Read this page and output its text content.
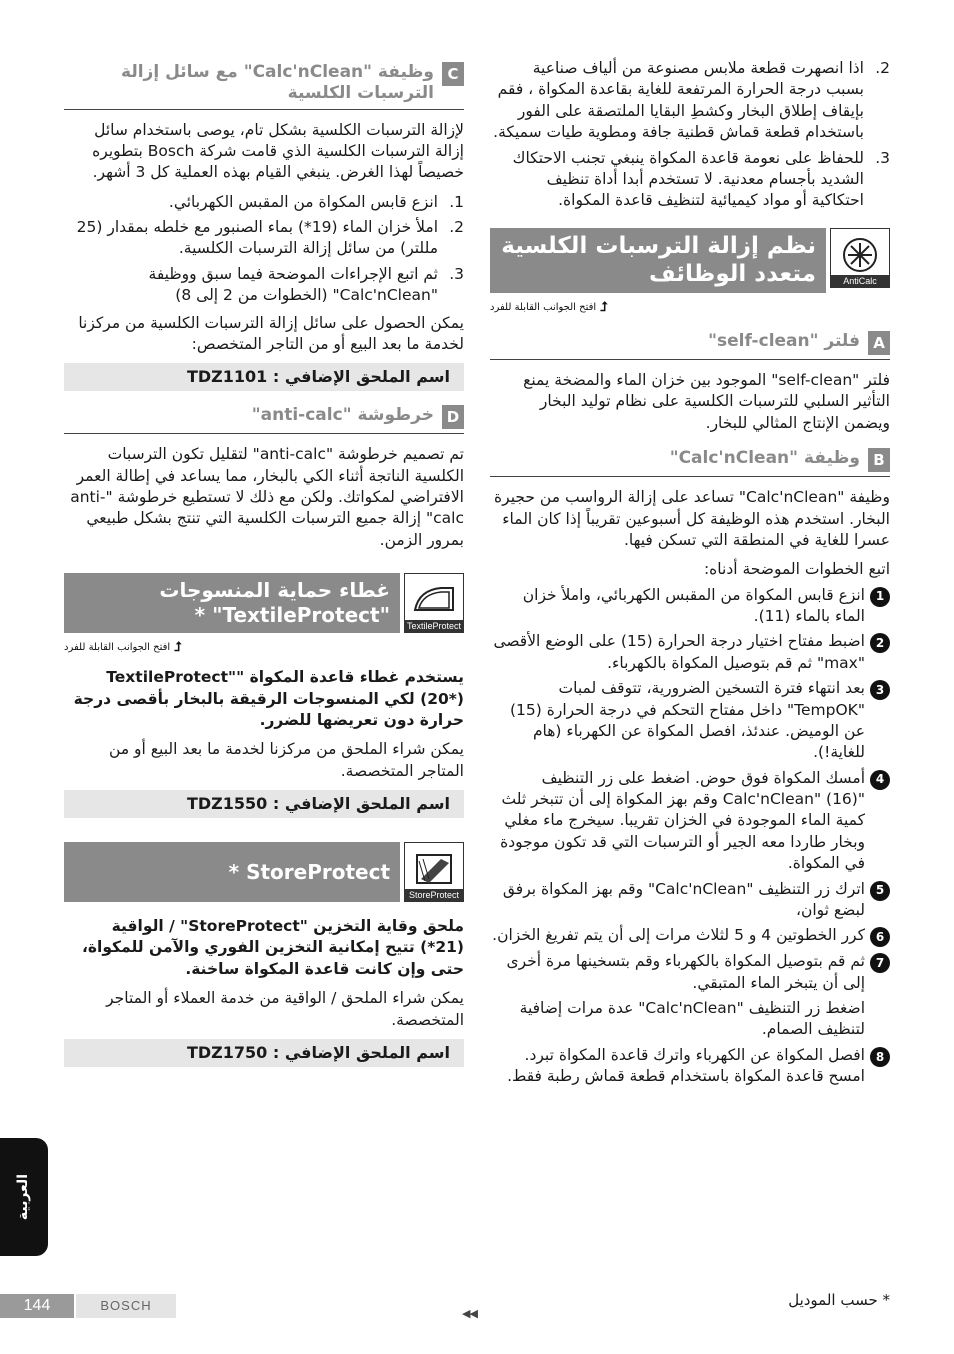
2.
اذا انصهرت قطعة ملابس مصنوعة من ألياف صناعية بسبب درجة الحرارة المرتفعة للغاية بقاعدة المكواة ، فقم بإيقاف إطلاق البخار وكشطِ البقايا الملتصقة على الفور باستخدام قطعة قماش قطنية جافة ومطوية طيات سميكة.
3.
للحفاظ على نعومة قاعدة المكواة ينبغي تجنب الاحتكاك الشديد بأجسام معدنية. لا تستخدم أبدا أداة تنظيف احتكاكية أو مواد كيميائية لتنظيف قاعدة المكواة.
AntiCalc
نظم إزالة الترسبات الكلسية متعدد الوظائف
⮥
افتح الجوانب القابلة للفرد
A
فلتر "self-clean"

فلتر "self-clean" الموجود بين خزان الماء والمضخة يمنع التأثير السلبي للترسبات الكلسية على نظام توليد البخار ويضمن الإنتاج المثالي للبخار.

B
وظيفة "Calc'nClean"

وظيفة "Calc'nClean" تساعد على إزالة الرواسب من حجيرة البخار. استخدم هذه الوظيفة كل أسبوعين تقريباً إذا كان الماء عسرا للغاية في المنطقة التي تسكن فيها.

اتبع الخطوات الموضحة أدناه:

1
انزع قابس المكواة من المقبس الكهربائي، واملأ خزان الماء بالماء (11).
2
اضبط مفتاح اختيار درجة الحرارة (15) على الوضع الأقصى "max" ثم قم بتوصيل المكواة بالكهرباء.
3
بعد انتهاء فترة التسخين الضرورية، تتوقف لمبات "TempOK" داخل مفتاح التحكم في درجة الحرارة (15) عن الوميض. عندئذ، افصل المكواة عن الكهرباء (هام للغاية!).
4
أمسك المكواة فوق حوض. اضغط على زر التنظيف "Calc'nClean" (16) وقم بهز المكواة إلى أن تتبخر ثلث كمية الماء الموجودة في الخزان تقريبا. سيخرج ماء مغلي وبخار طاردا معه الجير أو الترسبات التي قد تكون موجودة في المكواة.
5
اترك زر التنظيف "Calc'nClean" وقم بهز المكواة برفق لبضع ثوان،
6
كرر الخطوتين 4 و 5 لثلاث مرات إلى أن يتم تفريغ الخزان.
7
ثم قم بتوصيل المكواة بالكهرباء وقم بتسخينها مرة أخرى إلى أن يتبخر الماء المتبقي.
اضغط زر التنظيف "Calc'nClean" عدة مرات إضافية لتنظيف الصمام.
8
افصل المكواة عن الكهرباء واترك قاعدة المكواة تبرد. امسح قاعدة المكواة باستخدام قطعة قماش رطبة فقط.
C
وظيفة "Calc'nClean" مع سائل إزالة الترسبات الكلسية

لإزالة الترسبات الكلسية بشكل تام، يوصى باستخدام سائل إزالة الترسبات الكلسية الذي قامت شركة Bosch بتطويره خصيصاً لهذا الغرض. ينبغي القيام بهذه العملية كل 3 أشهر.

1.
انزع قابس المكواة من المقبس الكهربائي.
2.
املأ خزان الماء (19*) بماء الصنبور مع خلطه بمقدار (25 مللتر) من سائل إزالة الترسبات الكلسية.
3.
ثم اتبع الإجراءات الموضحة فيما سبق ووظيفة "Calc'nClean" (الخطوات من 2 إلى 8)

يمكن الحصول على سائل إزالة الترسبات الكلسية من مركزنا لخدمة ما بعد البيع أو من التاجر المتخصص:

اسم الملحق الإضافي : TDZ1101
D
خرطوشة "anti-calc"

تم تصميم خرطوشة "anti-calc" لتقليل تكون الترسبات الكلسية الناتجة أثناء الكي بالبخار، مما يساعد في إطالة العمر الافتراضي لمكواتك. ولكن مع ذلك لا تستطيع خرطوشة "anti-calc" إزالة جميع الترسبات الكلسية التي تنتج بشكل طبيعي بمرور الزمن.

TextileProtect
غطاء حماية المنسوجات "TextileProtect" *
⮥
افتح الجوانب القابلة للفرد

يستخدم غطاء قاعدة المكواة "TextileProtect" (20*) لكي المنسوجات الرقيقة بالبخار بأقصى درجة حرارة دون تعريضها للضرر.

يمكن شراء الملحق من مركزنا لخدمة ما بعد البيع أو من المتاجر المتخصصة.

اسم الملحق الإضافي : TDZ1550
StoreProtect
StoreProtect *

ملحق وقاية التخزين "StoreProtect" / الواقية (21*) تتيح إمكانية التخزين الفوري والآمن للمكواة، حتى وإن كانت قاعدة المكواة ساخنة.

يمكن شراء الملحق / الواقية من خدمة العملاء أو المتاجر المتخصصة.

اسم الملحق الإضافي : TDZ1750
العربية
144	BOSCH
◀◀
* حسب الموديل
